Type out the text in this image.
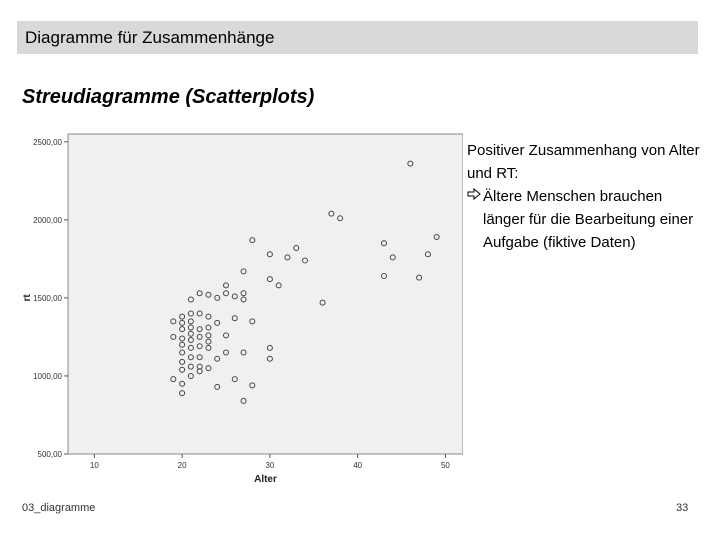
Diagramme für Zusammenhänge
Streudiagramme (Scatterplots)
500,00
1000,00
1500,00
2000,00
2500,00
10	20	30	40	50
Alter
rt
Positiver Zusammenhang von Alter und RT:
Ältere Menschen brauchen länger für die Bearbeitung einer Aufgabe (fiktive Daten)
03_diagramme	33
